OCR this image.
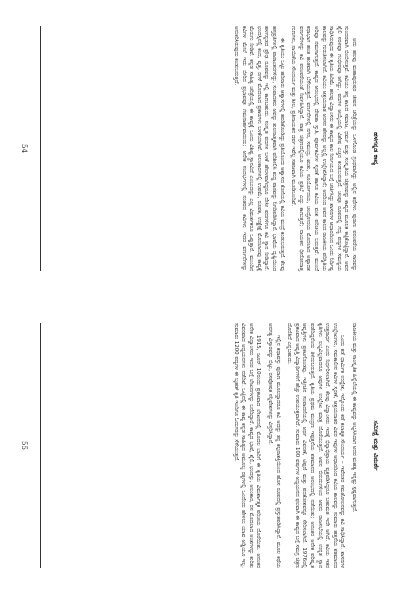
ಹಳಗನ್ನಡ ಕಾವ್ಯ

ಅದು ಹಲವು ಮಹಾಪುರುಷರ ಜೀವನ ಚರಿತ್ರೆಯನ್ನು ಒಳಗೊಂಡ ಗ್ರಂಥವಾಗಿದ್ದು ಅಲ್ಲಿನ ಕಥೆಗಳು ಪುರಾಣ ಪರಂಪರೆಯ ಸಾರವನ್ನು ಸುಂದರವಾಗಿ ಬಿಂಬಿಸುತ್ತವೆ. ಕವಿಯು ತನ್ನ ಕಾಲದ ಸಮಾಜ, ಧರ್ಮ ಮತ್ತು ಸಂಸ್ಕೃತಿಯ ಚಿತ್ರಣವನ್ನು ಕಾವ್ಯದ ಮೂಲಕ ಕಟ್ಟಿಕೊಟ್ಟಿದ್ದಾನೆ. ಅವನ ಶೈಲಿ ಸರಳವೂ ಗಂಭೀರವೂ ಆಗಿದ್ದು, ಪದಗಳ ಆಯ್ಕೆಯಲ್ಲಿ ವಿಶೇಷ ಎಚ್ಚರ ಕಂಡುಬರುತ್ತದೆ. ಚಂಪೂ ರೂಪದಲ್ಲಿ ಗದ್ಯ ಪದ್ಯಗಳ ಸಮನ್ವಯ ಸಾಧಿಸಿರುವುದು ಈ ಕೃತಿಯ ಹಿರಿಮೆ. ಹಲವು ವಿದ್ವಾಂಸರು ಈ ಕಾವ್ಯದ ಕಾಲ ನಿರ್ಣಯದ ಬಗ್ಗೆ ಚರ್ಚಿಸಿದ್ದು ಶಾಸನಗಳ ಆಧಾರದಿಂದ ಒಂದು ನಿರ್ದಿಷ್ಟ ಕಾಲವನ್ನು ಗುರುತಿಸಲಾಗಿದೆ. ಕವಿಯು ಆಶ್ರಯದಾತ ಅರಸನ ಹೆಸರನ್ನು ಅಲ್ಲಲ್ಲಿ ಉಲ್ಲೇಖಿಸಿದ್ದಾನೆ; ಅದರಿಂದ ಅವನ ಕಾಲದ ರಾಜಕೀಯ ಪರಿಸ್ಥಿತಿಯ ಅರಿವೂ ನಮಗಾಗುತ್ತದೆ. ಕಾವ್ಯದ ಆರಂಭದಲ್ಲಿ ದೇವತಾ ಸ್ತುತಿ, ಪೂರ್ವಕವಿಗಳ ಸ್ಮರಣೆ ಹಾಗೂ ಕವಿಯ ವಂಶ ಪರಿಚಯ ಬರುತ್ತವೆ. ಮುಂದೆ ಕಥಾಭಾಗ ಹಂತ ಹಂತವಾಗಿ ಬೆಳೆಯುತ್ತದೆ. ವರ್ಣನೆಗಳಲ್ಲಿ ನಗರ, ಸಮುದ್ರ, ಋತು, ಸೂರ್ಯೋದಯ, ಚಂದ್ರೋದಯ ಮೊದಲಾದ ಅಷ್ಟಾದಶ ವರ್ಣನೆಗಳನ್ನು ಕವಿ ಪರಂಪರೆಯಂತೆ ನಿರ್ವಹಿಸಿದ್ದಾನೆ. ಪಾತ್ರ ಚಿತ್ರಣದಲ್ಲಿಯೂ ಕವಿಯ ಪ್ರತಿಭೆ ಎದ್ದು ಕಾಣುತ್ತದೆ; ನಾಯಕನ ಧೀರೋದಾತ್ತ ಗುಣಗಳು, ನಾಯಿಕೆಯ ಸೌಂದರ್ಯ ಮತ್ತು ಶೀಲ, ಪ್ರತಿನಾಯಕನ ದರ್ಪ ಇವೆಲ್ಲ ಸಹಜವಾಗಿ ಮೂಡಿಬಂದಿವೆ.

ಈ ಕೃತಿಯು ಒಟ್ಟು ಹದಿನಾರು ಆಶ್ವಾಸಗಳಲ್ಲಿ ಹರಡಿಕೊಂಡಿದ್ದು ಪ್ರತಿಯೊಂದು ಆಶ್ವಾಸದ ಕೊನೆಯಲ್ಲಿ ಕವಿಯ ಮುದ್ರೆ ಕಂಡುಬರುತ್ತದೆ. ಕೆಲವು ಹಸ್ತಪ್ರತಿಗಳಲ್ಲಿ ಪಾಠಾಂತರಗಳಿದ್ದು, ಸಂಪಾದಕರು ಅವನ್ನು ತುಲನಾತ್ಮಕವಾಗಿ ಪರಿಶೀಲಿಸಿ ಶುದ್ಧ ಪಾಠವನ್ನು ನಿಗದಿಪಡಿಸಿದ್ದಾರೆ. ಭಾಷೆಯ ದೃಷ್ಟಿಯಿಂದ ಹಳಗನ್ನಡದ ಪ್ರೌಢ ರೂಪವನ್ನು ಇಲ್ಲಿ ಕಾಣಬಹುದು. ಸಂಸ್ಕೃತ ಪದಗಳ ಬಳಕೆ ಹೇರಳವಾಗಿದ್ದರೂ ದೇಸೀ ಪದಗಳಿಗೂ ಕವಿ ಸ್ಥಾನ ನೀಡಿದ್ದಾನೆ. ಛಂದಸ್ಸಿನಲ್ಲಿ ಕಂದ, ವೃತ್ತ, ರಗಳೆ ಮೊದಲಾದ ಪ್ರಕಾರಗಳು ಬಳಕೆಯಾಗಿವೆ. ಅಲಂಕಾರಗಳಲ್ಲಿ ಉಪಮೆ, ರೂಪಕ, ಉತ್ಪ್ರೇಕ್ಷೆ ಮೊದಲಾದವು ಕಾವ್ಯಕ್ಕೆ ಮೆರುಗು ನೀಡಿವೆ. ಕನ್ನಡ ಸಾಹಿತ್ಯ ಚರಿತ್ರೆಯಲ್ಲಿ ಈ ಕಾವ್ಯಕ್ಕೆ ಒಂದು ವಿಶಿಷ್ಟ ಸ್ಥಾನವಿದೆ ಎಂಬುದನ್ನು ಎಲ್ಲ ವಿಮರ್ಶಕರೂ ಒಪ್ಪುತ್ತಾರೆ. ಮುಂದಿನ ಕವಿಗಳ ಮೇಲೆ ಇದು ಬೀರಿದ ಪ್ರಭಾವವೂ ಗಮನಾರ್ಹವಾದುದು; ಅನೇಕ ಸಂದರ್ಭಗಳಲ್ಲಿ ನಂತರದ ಕವಿಗಳು ಇದರ ವರ್ಣನೆಗಳನ್ನು ಅನುಕರಿಸಿರುವುದು ಕಂಡುಬರುತ್ತದೆ.

54
ಸಮೀಕ್ಷೆ ಮತ್ತು ವಿಮರ್ಶೆ

ರಾಜಕೀಯ ಮತ್ತು ಸಾಂಸ್ಕೃತಿಕ ಹಿನ್ನೆಲೆಯಲ್ಲಿ ಈ ಕಾವ್ಯವನ್ನು ಅಭ್ಯಸಿಸಿದಾಗ ಅದರ ಮಹತ್ವ ಇನ್ನಷ್ಟು ಸ್ಪಷ್ಟವಾಗುತ್ತದೆ.

ಒಂದು ಕಡೆ ಧಾರ್ಮಿಕ ಉದ್ದೇಶ, ಇನ್ನೊಂದು ಕಡೆ ಕಲಾತ್ಮಕ ಸೌಂದರ್ಯ – ಇವೆರಡರ ಸಮತೋಲನವನ್ನು ಕವಿ ಸಾಧಿಸಿದ್ದಾನೆ. ಶಾಸನಗಳ ಉಲ್ಲೇಖಗಳು, ಸಮಕಾಲೀನ ಕವಿಗಳ ಸ್ಮರಣೆ, ಆಶ್ರಯದಾತರ ವಿವರ ಇವುಗಳ ಆಧಾರದಿಂದ ಕವಿಯ ಕಾಲವನ್ನು ಸುಮಾರು ಹತ್ತನೆಯ ಶತಮಾನದ ಉತ್ತರಾರ್ಧ ಎಂದು ನಿರ್ಧರಿಸಲಾಗಿದೆ. ಕೆಲವು ವಿದ್ವಾಂಸರು ಇದಕ್ಕೆ ಭಿನ್ನಾಭಿಪ್ರಾಯ ವ್ಯಕ್ತಪಡಿಸಿದ್ದರೂ ಬಹುಮತ ಇದೇ ಆಗಿದೆ. ಕವಿಯ ಇತರ ಕೃತಿಗಳು ಲಭ್ಯವಿಲ್ಲವಾದರೂ ಅವುಗಳ ಉಲ್ಲೇಖ ಮಾತ್ರ ದೊರೆಯುತ್ತದೆ. ಅವನ ಬಿರುದುಗಳಿಂದ ಅವನು ರಾಜಸಭೆಯಲ್ಲಿ ಉನ್ನತ ಸ್ಥಾನ ಪಡೆದಿದ್ದನೆಂದು ತಿಳಿದುಬರುತ್ತದೆ. ಕೃತಿಯ ಪ್ರಥಮ ಮುದ್ರಣ ಇಪ್ಪತ್ತನೆಯ ಶತಮಾನದ ಆರಂಭದಲ್ಲಿ ನಡೆಯಿತು; ಅನಂತರ ಅನೇಕ ಪರಿಷ್ಕೃತ ಆವೃತ್ತಿಗಳು ಪ್ರಕಟಗೊಂಡವು. ಇತ್ತೀಚಿನ ಸಂಪಾದನೆಯಲ್ಲಿ ಅರ್ಥ ವಿವರಣೆ, ಟಿಪ್ಪಣಿ ಮತ್ತು ಪದಕೋಶವನ್ನೂ ಸೇರಿಸಲಾಗಿದೆ. 1976ರಲ್ಲಿ ಪ್ರಕಟವಾದ ಆವೃತ್ತಿ ವಿದ್ಯಾರ್ಥಿಗಳಿಗೆ ಹೆಚ್ಚು ಉಪಯುಕ್ತವಾಗಿದೆ. ಸುಮಾರು 100 ವರ್ಷಗಳ ಅಧ್ಯಯನದ ಫಲವಾಗಿ ಈ ಕಾವ್ಯದ ಬಗ್ಗೆ ಸಮಗ್ರ ಚಿತ್ರಣ ದೊರೆತಿದೆ ಎನ್ನಬಹುದು.

ಇಲ್ಲಿನ ಕಥಾವಸ್ತು ಪುರಾಣ ಮೂಲದ್ದಾದರೂ ಕವಿ ಅದನ್ನು ತನ್ನ ಕಲ್ಪನಾಶಕ್ತಿಯಿಂದ ಹೊಸ ರೂಪದಲ್ಲಿ ಪ್ರಸ್ತುತಪಡಿಸಿದ್ದಾನೆ. ಮೂಲ ಕಥೆಯ ಅನಗತ್ಯ ವಿಸ್ತಾರವನ್ನು ಬಿಟ್ಟು, ರಸಪೋಷಕ ಸನ್ನಿವೇಶಗಳನ್ನು ವಿಸ್ತರಿಸಿದ್ದಾನೆ.

1915, ಜೂನ್ 10ರಂದು ಪ್ರಕಟವಾದ ಲೇಖನದಲ್ಲಿ ಮೊದಲ ಬಾರಿಗೆ ಈ ಕೃತಿಯ ವಿಮರ್ಶಾತ್ಮಕ ಪರಿಚಯ ದೊರೆಯಿತು. ಅನಂತರ ಅನೇಕ ವಿದ್ವಾಂಸರು ಇದರ ಬಗ್ಗೆ ಲೇಖನಗಳನ್ನು ಬರೆದಿದ್ದಾರೆ. ಕಾವ್ಯದ ಭಾಷೆ, ಶೈಲಿ, ಛಂದಸ್ಸು, ಅಲಂಕಾರ, ರಸ ಮೊದಲಾದ ಅಂಶಗಳನ್ನು ಕುರಿತು ವಿವರವಾದ ಅಧ್ಯಯನಗಳು ನಡೆದಿವೆ. ಒಟ್ಟಿನಲ್ಲಿ ಈ ಕಾವ್ಯ ಕನ್ನಡ ಸಾಹಿತ್ಯದ ಅಮೂಲ್ಯ ರತ್ನಗಳಲ್ಲಿ ಒಂದೆಂದು ಹೇಳಲು ಯಾವ ಅಡ್ಡಿಯೂ ಇಲ್ಲ. ಸುಮಾರು 1200 ಪದ್ಯಗಳ ಈ ಬೃಹತ್ ಕೃತಿ ಇಂದಿಗೂ ಓದುಗರನ್ನು ಸೆಳೆಯುತ್ತದೆ.

55
